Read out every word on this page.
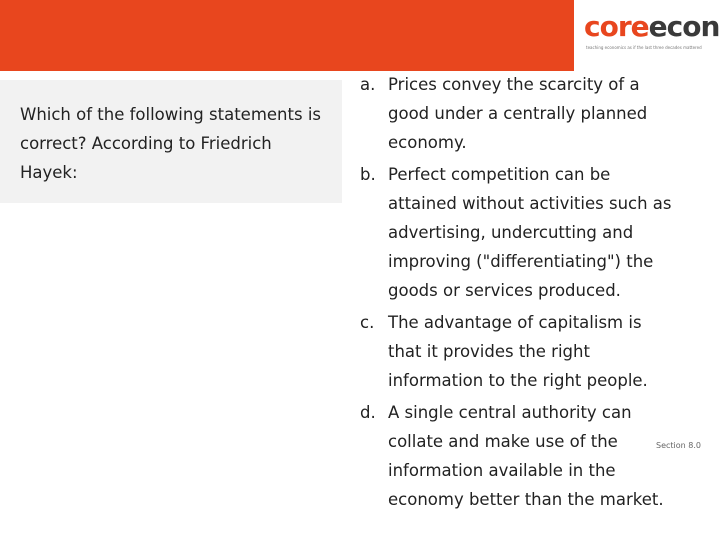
coreecon
teaching economics as if the last three decades mattered
Which of the following statements is correct? According to Friedrich Hayek:
a. Prices convey the scarcity of a good under a centrally planned economy.
b. Perfect competition can be attained without activities such as advertising, undercutting and improving ("differentiating") the goods or services produced.
c. The advantage of capitalism is that it provides the right information to the right people.
d. A single central authority can collate and make use of the information available in the economy better than the market.
Section 8.0
